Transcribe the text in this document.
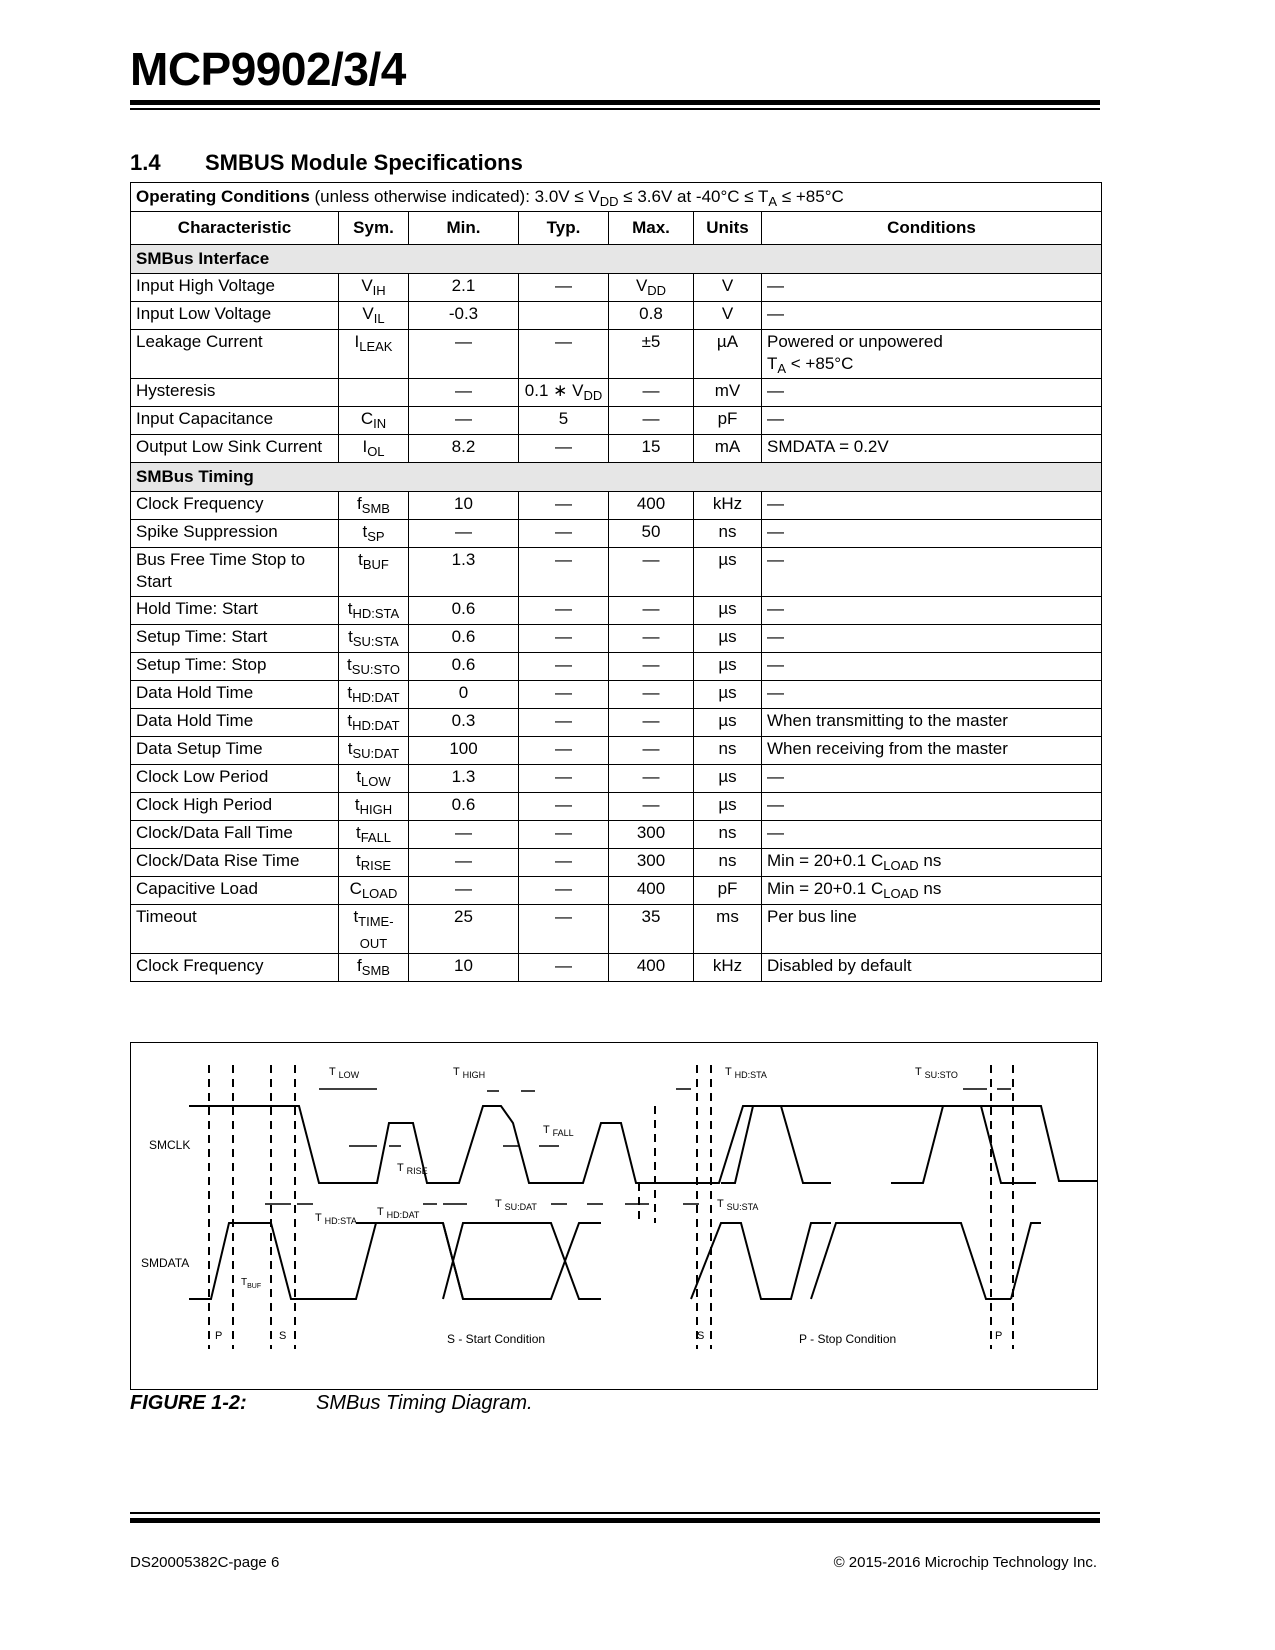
MCP9902/3/4
1.4 SMBUS Module Specifications
Operating Conditions (unless otherwise indicated): $3.0V \le V_{DD} \le 3.6V$ at $-40^\circ C \le T_A \le +85^\circ C$						
Characteristic	Sym.	Min.	Typ.	Max.	Units	Conditions
SMBus Interface						
Input High Voltage	$V_{IH}$	2.1	—	$V_{DD}$	V	—
Input Low Voltage	$V_{IL}$	-0.3		0.8	V	—
Leakage Current	$I_{LEAK}$	—	—	±5	µA	Powered or unpowered
$T_A < +85^\circ C$
Hysteresis		—	0.1 ∗ $V_{DD}$	—	mV	—
Input Capacitance	$C_{IN}$	—	5	—	pF	—
Output Low Sink Current	$I_{OL}$	8.2	—	15	mA	SMDATA = 0.2V
SMBus Timing						
Clock Frequency	$f_{SMB}$	10	—	400	kHz	—
Spike Suppression	$t_{SP}$	—	—	50	ns	—
Bus Free Time Stop to Start	$t_{BUF}$	1.3	—	—	µs	—
Hold Time: Start	$t_{HD:STA}$	0.6	—	—	µs	—
Setup Time: Start	$t_{SU:STA}$	0.6	—	—	µs	—
Setup Time: Stop	$t_{SU:STO}$	0.6	—	—	µs	—
Data Hold Time	$t_{HD:DAT}$	0	—	—	µs	—
Data Hold Time	$t_{HD:DAT}$	0.3	—	—	µs	When transmitting to the master
Data Setup Time	$t_{SU:DAT}$	100	—	—	ns	When receiving from the master
Clock Low Period	$t_{LOW}$	1.3	—	—	µs	—
Clock High Period	$t_{HIGH}$	0.6	—	—	µs	—
Clock/Data Fall Time	$t_{FALL}$	—	—	300	ns	—
Clock/Data Rise Time	$t_{RISE}$	—	—	300	ns	Min = 20+0.1 $C_{LOAD}$ ns
Capacitive Load	$C_{LOAD}$	—	—	400	pF	Min = 20+0.1 $C_{LOAD}$ ns
Timeout	$t_{TIME-OUT}$	25	—	35	ms	Per bus line
Clock Frequency	$f_{SMB}$	10	—	400	kHz	Disabled by default
SMCLK
SMDATA
T $_{LOW}$	T $_{HIGH}$	T $_{HD:STA}$	T $_{SU:STO}$
T $_{FALL}$
T $_{RISE}$
T $_{HD:STA}$
T $_{HD:DAT}$
T $_{SU:DAT}$	T $_{SU:STA}$
$T_{BUF}$
P	S	S	P
S - Start Condition	P - Stop Condition
FIGURE 1-2:	SMBus Timing Diagram.
DS20005382C-page 6	© 2015-2016 Microchip Technology Inc.
